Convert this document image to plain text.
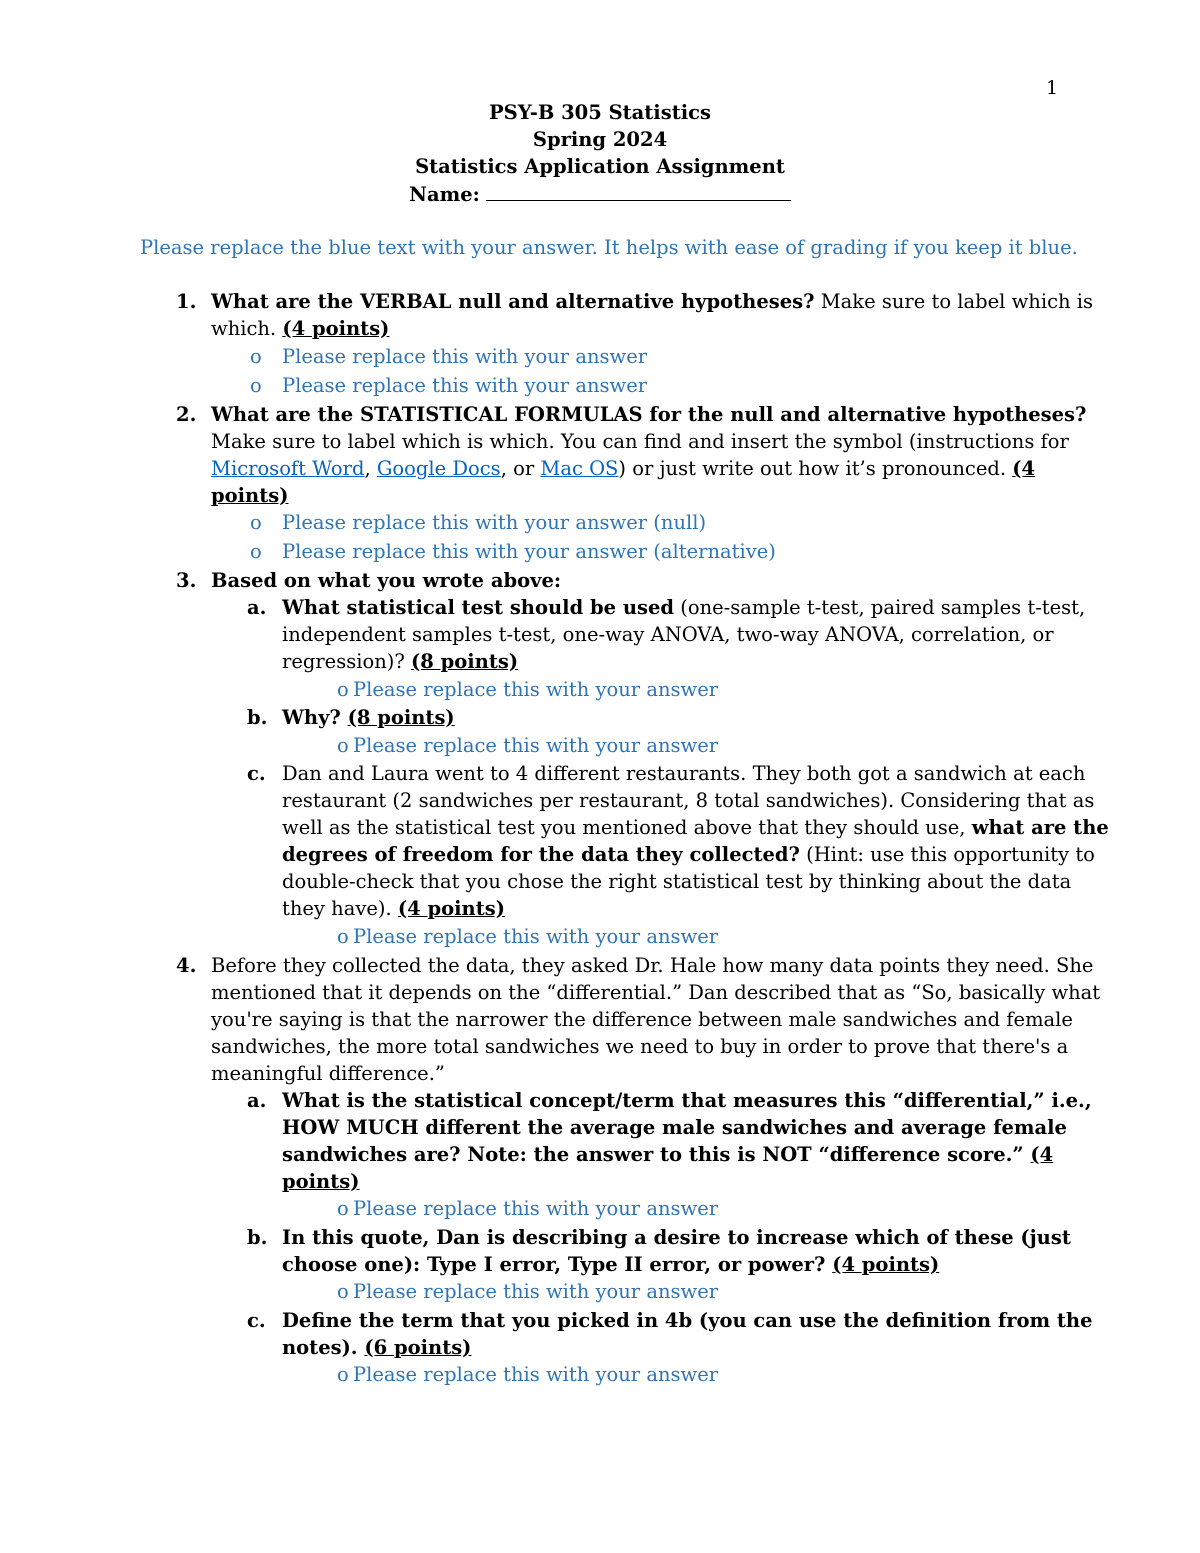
1
PSY-B 305 Statistics
Spring 2024
Statistics Application Assignment
Name:
Please replace the blue text with your answer. It helps with ease of grading if you keep it blue.
1. What are the VERBAL null and alternative hypotheses? Make sure to label which is
which. (4 points)
o Please replace this with your answer
o Please replace this with your answer
2. What are the STATISTICAL FORMULAS for the null and alternative hypotheses?
Make sure to label which is which. You can find and insert the symbol (instructions for
Microsoft Word, Google Docs, or Mac OS) or just write out how it’s pronounced. (4
points)
o Please replace this with your answer (null)
o Please replace this with your answer (alternative)
3. Based on what you wrote above:
a. What statistical test should be used (one-sample t-test, paired samples t-test,
independent samples t-test, one-way ANOVA, two-way ANOVA, correlation, or
regression)? (8 points)
o Please replace this with your answer
b. Why? (8 points)
o Please replace this with your answer
c. Dan and Laura went to 4 different restaurants. They both got a sandwich at each
restaurant (2 sandwiches per restaurant, 8 total sandwiches). Considering that as
well as the statistical test you mentioned above that they should use, what are the
degrees of freedom for the data they collected? (Hint: use this opportunity to
double-check that you chose the right statistical test by thinking about the data
they have). (4 points)
o Please replace this with your answer
4. Before they collected the data, they asked Dr. Hale how many data points they need. She
mentioned that it depends on the “differential.” Dan described that as “So, basically what
you're saying is that the narrower the difference between male sandwiches and female
sandwiches, the more total sandwiches we need to buy in order to prove that there's a
meaningful difference.”
a. What is the statistical concept/term that measures this “differential,” i.e.,
HOW MUCH different the average male sandwiches and average female
sandwiches are? Note: the answer to this is NOT “difference score.” (4
points)
o Please replace this with your answer
b. In this quote, Dan is describing a desire to increase which of these (just
choose one): Type I error, Type II error, or power? (4 points)
o Please replace this with your answer
c. Define the term that you picked in 4b (you can use the definition from the
notes). (6 points)
o Please replace this with your answer
